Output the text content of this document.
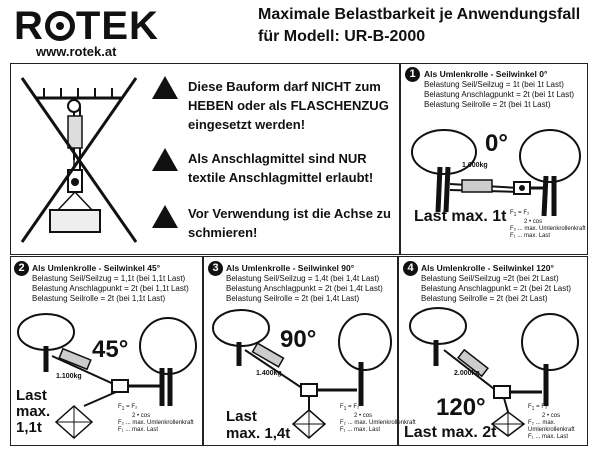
R TEK
www.rotek.at
Maximale Belastbarkeit je Anwendungsfall
für Modell: UR-B-2000
!	Diese Bauform darf NICHT zum
HEBEN oder als FLASCHENZUG
eingesetzt werden!
!	Als Anschlagmittel sind NUR
textile Anschlagmittel erlaubt!
!	Vor Verwendung ist die Achse zu
schmieren!
1 Als Umlenkrolle - Seilwinkel 0°
Belastung Seil/Seilzug = 1t (bei 1t Last)
Belastung Anschlagpunkt = 2t (bei 1t Last)
Belastung Seilrolle = 2t (bei 1t Last)
0°
1.000kg
Last max. 1t $F_1 = F_2$
2 • cos
F₂ ... max. Umlenkrollenkraft
F₁ ... max. Last
2 Als Umlenkrolle - Seilwinkel 45°
Belastung Seil/Seilzug = 1,1t (bei 1,1t Last)
Belastung Anschlagpunkt = 2t (bei 1,1t Last)
Belastung Seilrolle = 2t (bei 1,1t Last)
45°
1.100kg
Last
max.
1,1t
$F_1 = F_2$
2 • cos
F₂ ... max. Umlenkrollenkraft
F₁ ... max. Last
3 Als Umlenkrolle - Seilwinkel 90°
Belastung Seil/Seilzug = 1,4t (bei 1,4t Last)
Belastung Anschlagpunkt = 2t (bei 1,4t Last)
Belastung Seilrolle = 2t (bei 1,4t Last)
90°
1.400kg
Last
max. 1,4t
$F_1 = F_2$
2 • cos
F₂ ... max. Umlenkrollenkraft
F₁ ... max. Last
4 Als Umlenkrolle - Seilwinkel 120°
Belastung Seil/Seilzug =2t (bei 2t Last)
Belastung Anschlagpunkt = 2t (bei 2t Last)
Belastung Seilrolle = 2t (bei 2t Last)
120°
2.000kg
Last max. 2t
$F_1 = F_2$
2 • cos
F₂ ... max. Umlenkrollenkraft
F₁ ... max. Last
